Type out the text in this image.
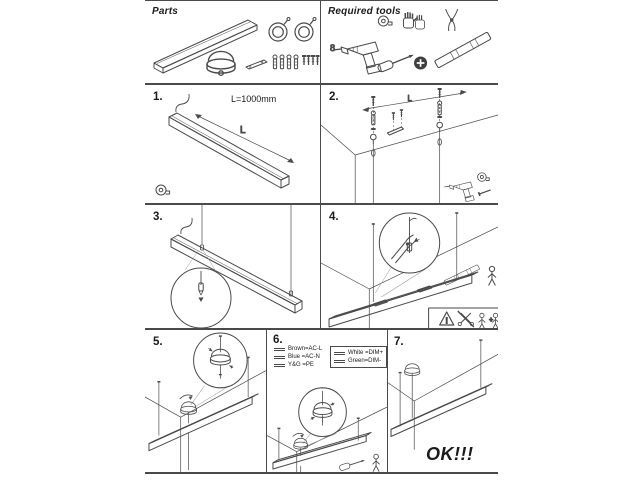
Parts	Required tools
8
1.	L=1000mm
L
2.	L
3.	4.
!	+
5.	6.
Brown=AC-L
Blue =AC-N
Y&G =PE
White =DIM+
Green=DIM-
7.
OK!!!
